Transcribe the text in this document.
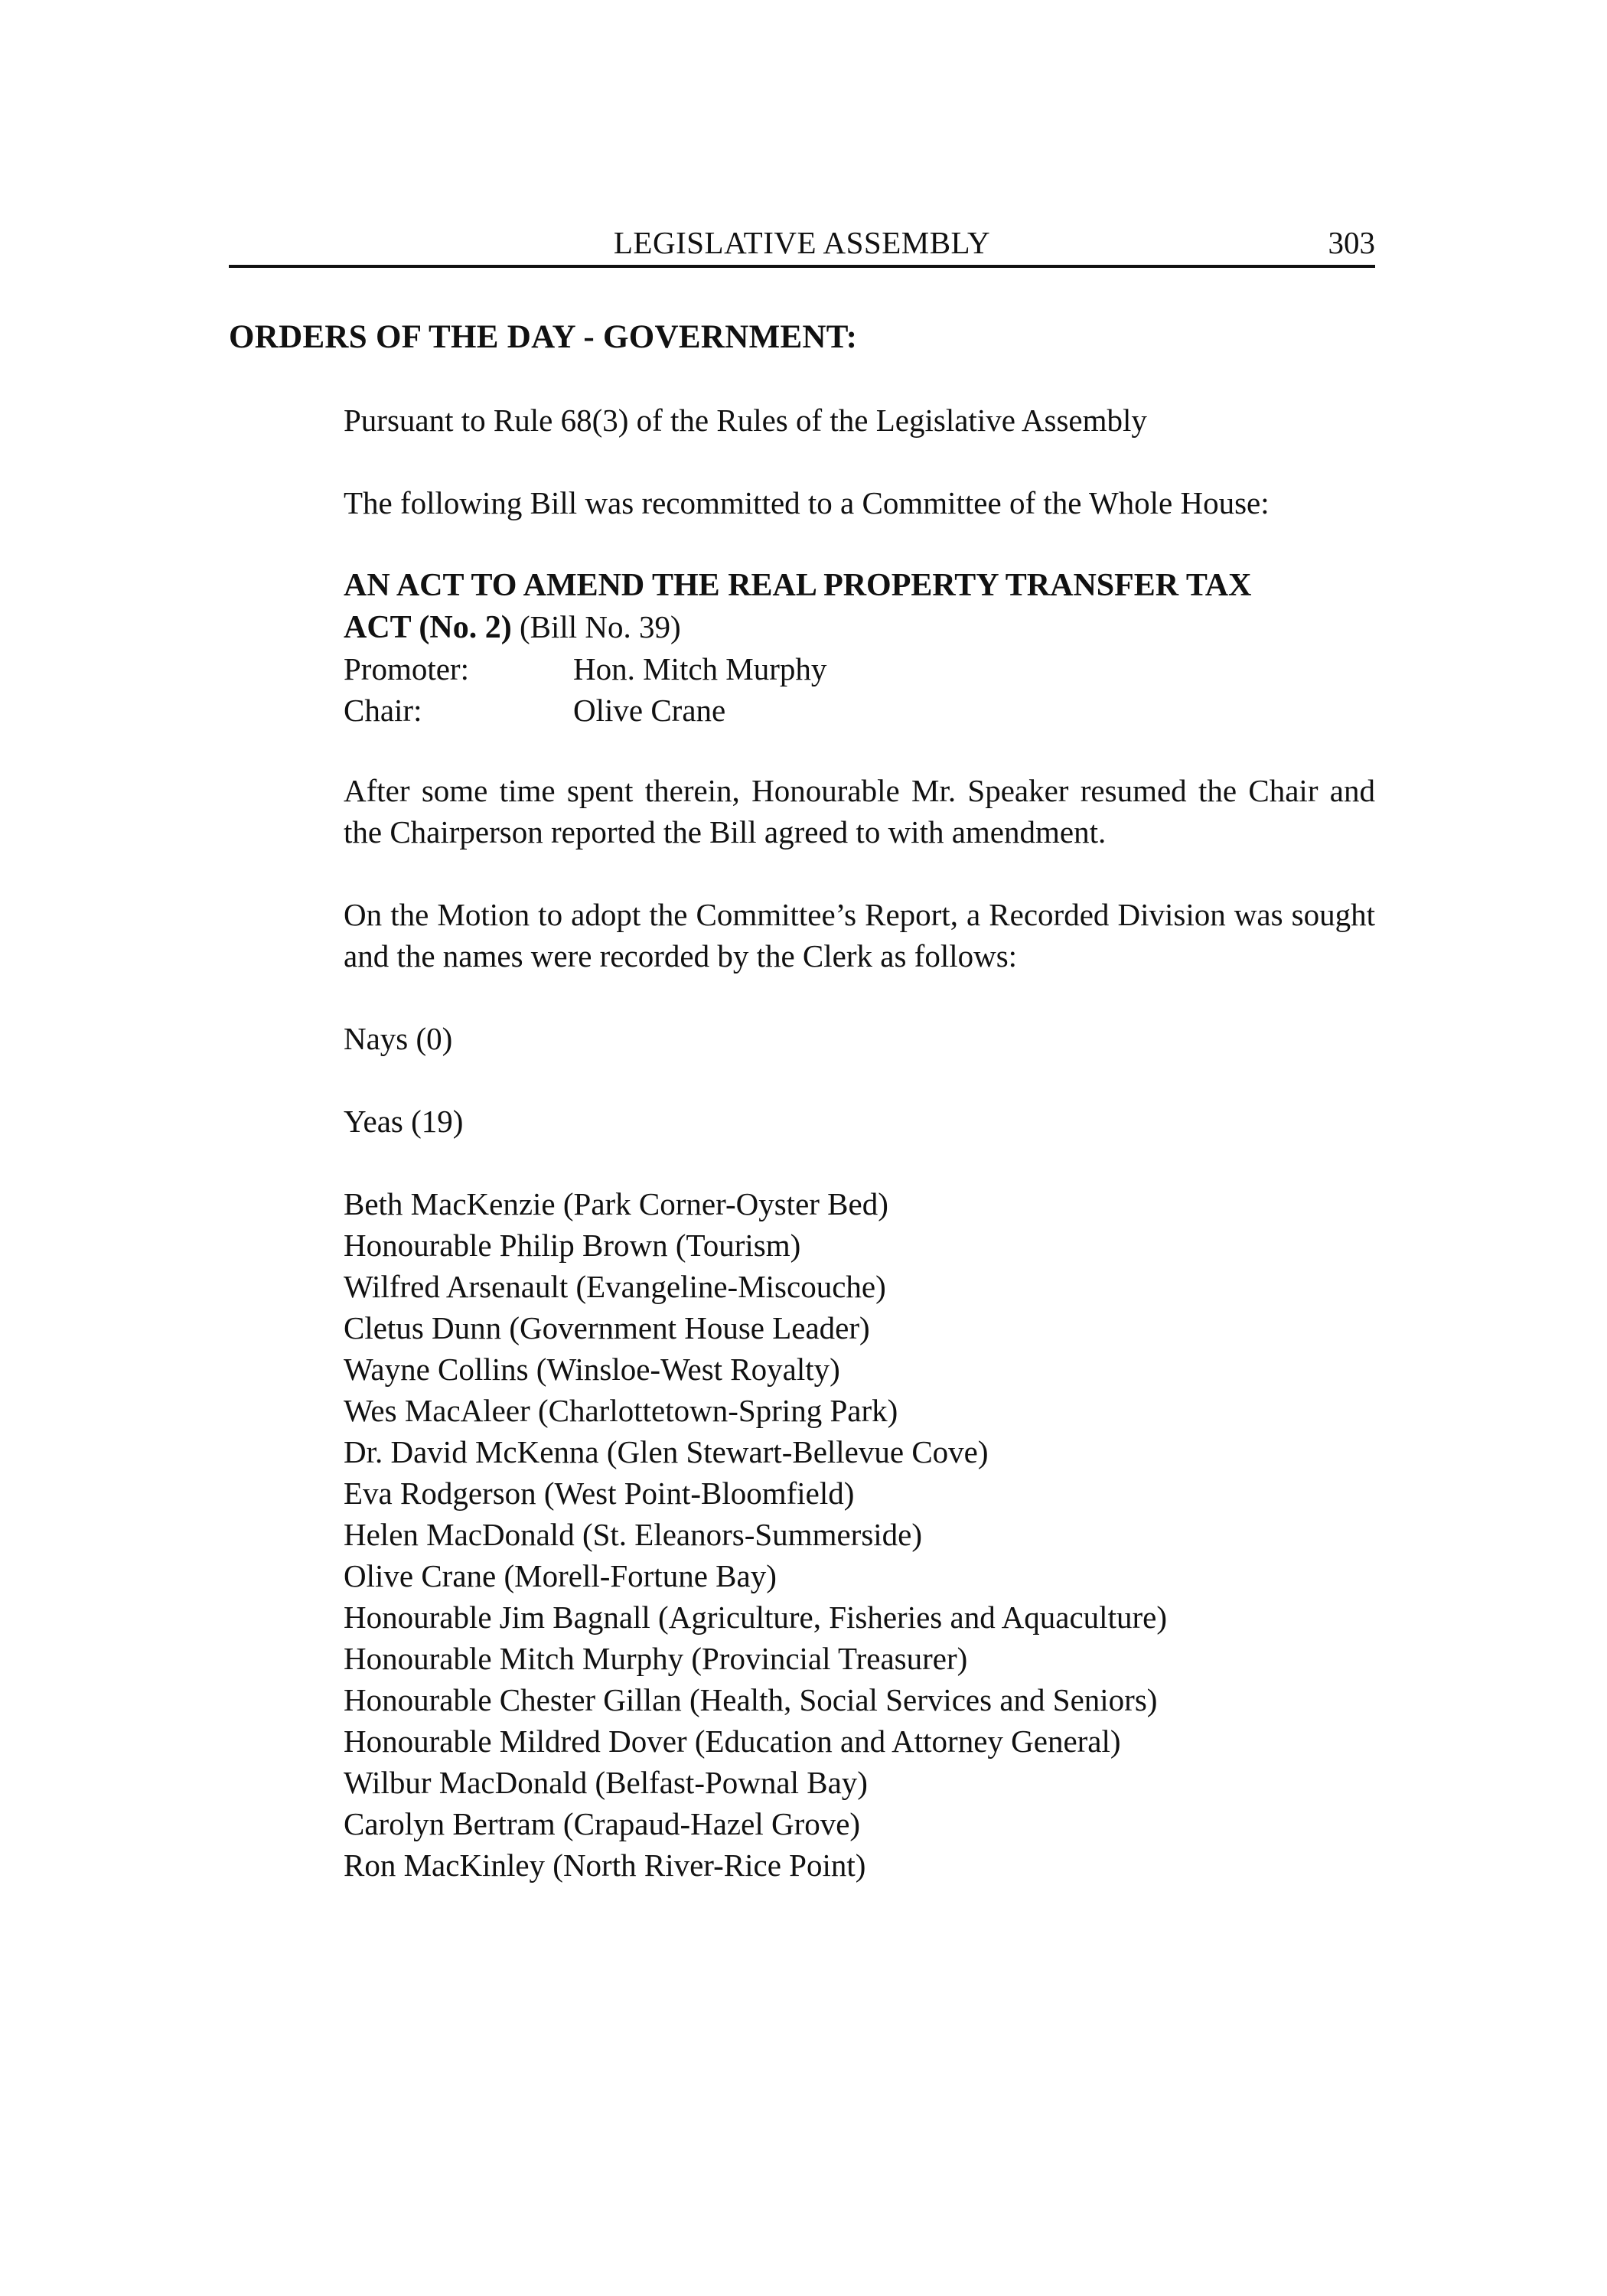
LEGISLATIVE ASSEMBLY	303
ORDERS OF THE DAY - GOVERNMENT:

Pursuant to Rule 68(3) of the Rules of the Legislative Assembly

The following Bill was recommitted to a Committee of the Whole House:

AN ACT TO AMEND THE REAL PROPERTY TRANSFER TAX

ACT (No. 2) (Bill No. 39)

Promoter:	Hon. Mitch Murphy
Chair:	Olive Crane

After some time spent therein, Honourable Mr. Speaker resumed the Chair and the Chairperson reported the Bill agreed to with amendment.

On the Motion to adopt the Committee’s Report, a Recorded Division was sought and the names were recorded by the Clerk as follows:

Nays (0)

Yeas (19)

Beth MacKenzie (Park Corner-Oyster Bed)
Honourable Philip Brown (Tourism)
Wilfred Arsenault (Evangeline-Miscouche)
Cletus Dunn (Government House Leader)
Wayne Collins (Winsloe-West Royalty)
Wes MacAleer (Charlottetown-Spring Park)
Dr. David McKenna (Glen Stewart-Bellevue Cove)
Eva Rodgerson (West Point-Bloomfield)
Helen MacDonald (St. Eleanors-Summerside)
Olive Crane (Morell-Fortune Bay)
Honourable Jim Bagnall (Agriculture, Fisheries and Aquaculture)
Honourable Mitch Murphy (Provincial Treasurer)
Honourable Chester Gillan (Health, Social Services and Seniors)
Honourable Mildred Dover (Education and Attorney General)
Wilbur MacDonald (Belfast-Pownal Bay)
Carolyn Bertram (Crapaud-Hazel Grove)
Ron MacKinley (North River-Rice Point)
